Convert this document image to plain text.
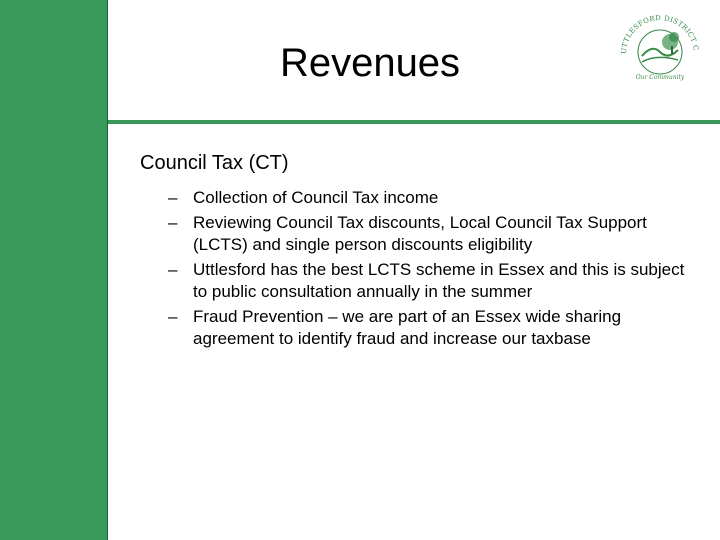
Revenues	UTTLESFORD DISTRICT C
Our Community
Council Tax (CT)
– Collection of Council Tax income
– Reviewing Council Tax discounts, Local Council Tax Support (LCTS) and single person discounts eligibility
– Uttlesford has the best LCTS scheme in Essex and this is subject to public consultation annually in the summer
– Fraud Prevention – we are part of an Essex wide sharing agreement to identify fraud and increase our taxbase
